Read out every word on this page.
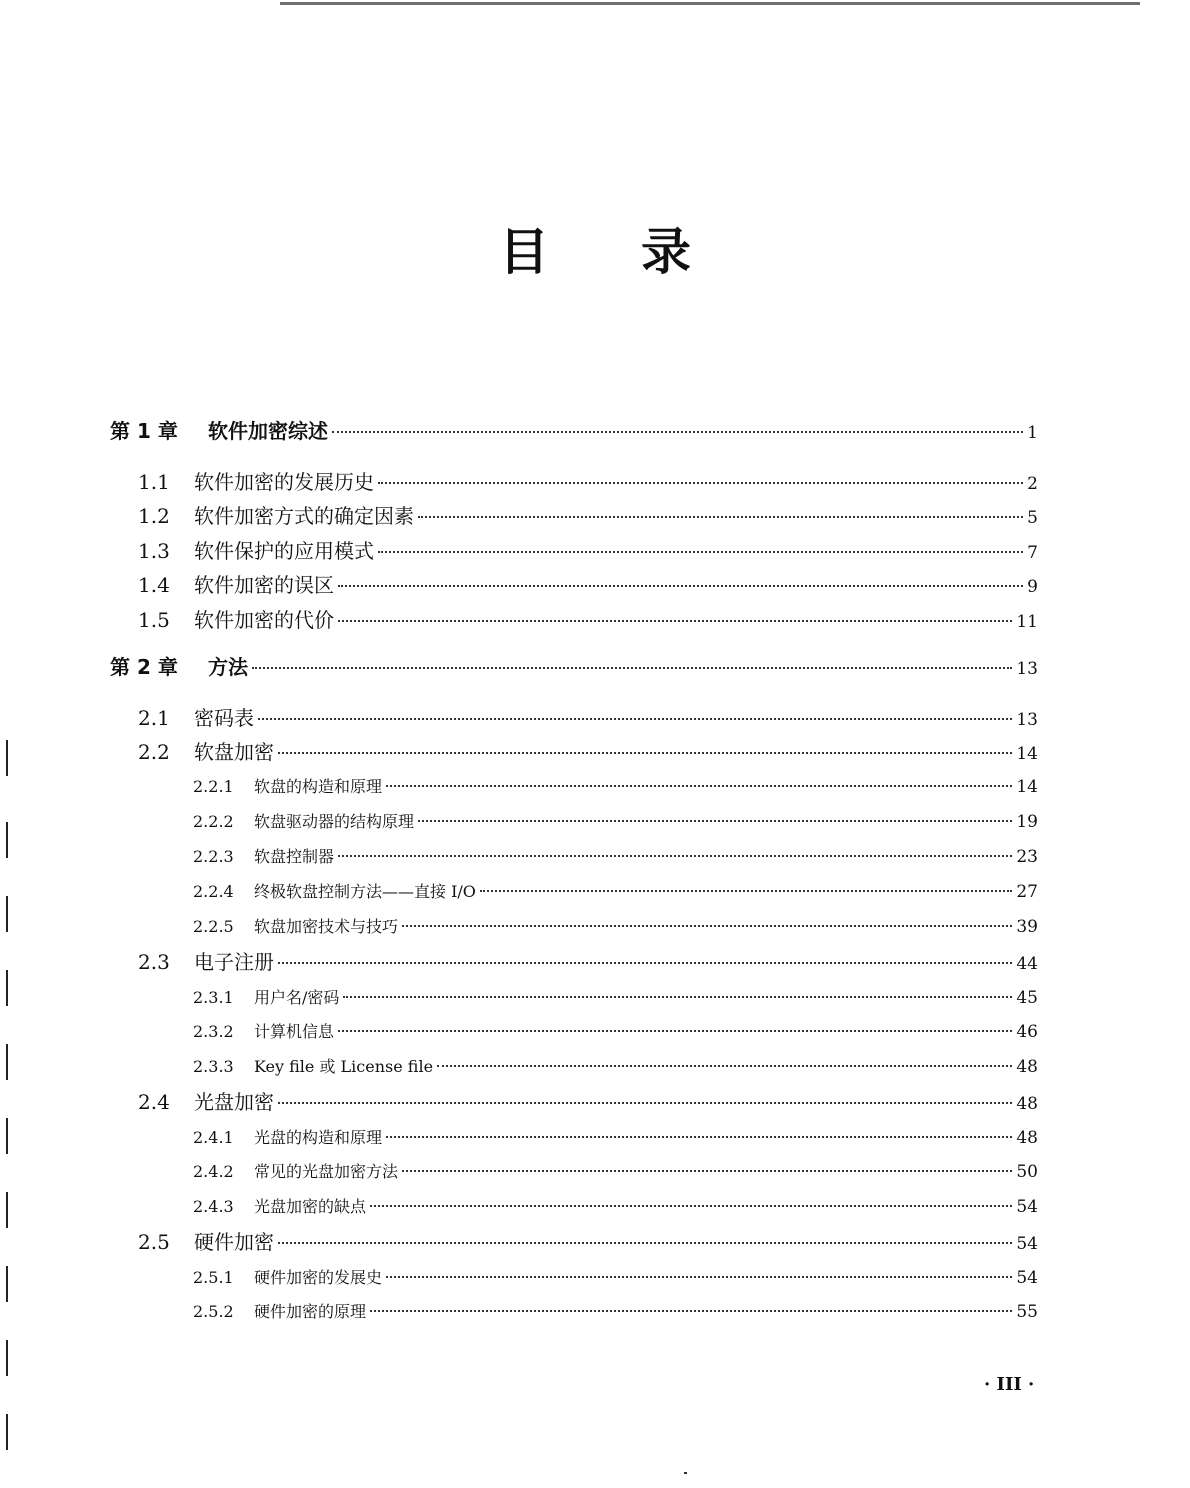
目 录
第 1 章	软件加密综述	1
1.1	软件加密的发展历史	2
1.2	软件加密方式的确定因素	5
1.3	软件保护的应用模式	7
1.4	软件加密的误区	9
1.5	软件加密的代价	11
第 2 章	方法	13
2.1	密码表	13
2.2	软盘加密	14
2.2.1	软盘的构造和原理	14
2.2.2	软盘驱动器的结构原理	19
2.2.3	软盘控制器	23
2.2.4	终极软盘控制方法——直接 I/O	27
2.2.5	软盘加密技术与技巧	39
2.3	电子注册	44
2.3.1	用户名/密码	45
2.3.2	计算机信息	46
2.3.3	Key file 或 License file	48
2.4	光盘加密	48
2.4.1	光盘的构造和原理	48
2.4.2	常见的光盘加密方法	50
2.4.3	光盘加密的缺点	54
2.5	硬件加密	54
2.5.1	硬件加密的发展史	54
2.5.2	硬件加密的原理	55
· III ·
